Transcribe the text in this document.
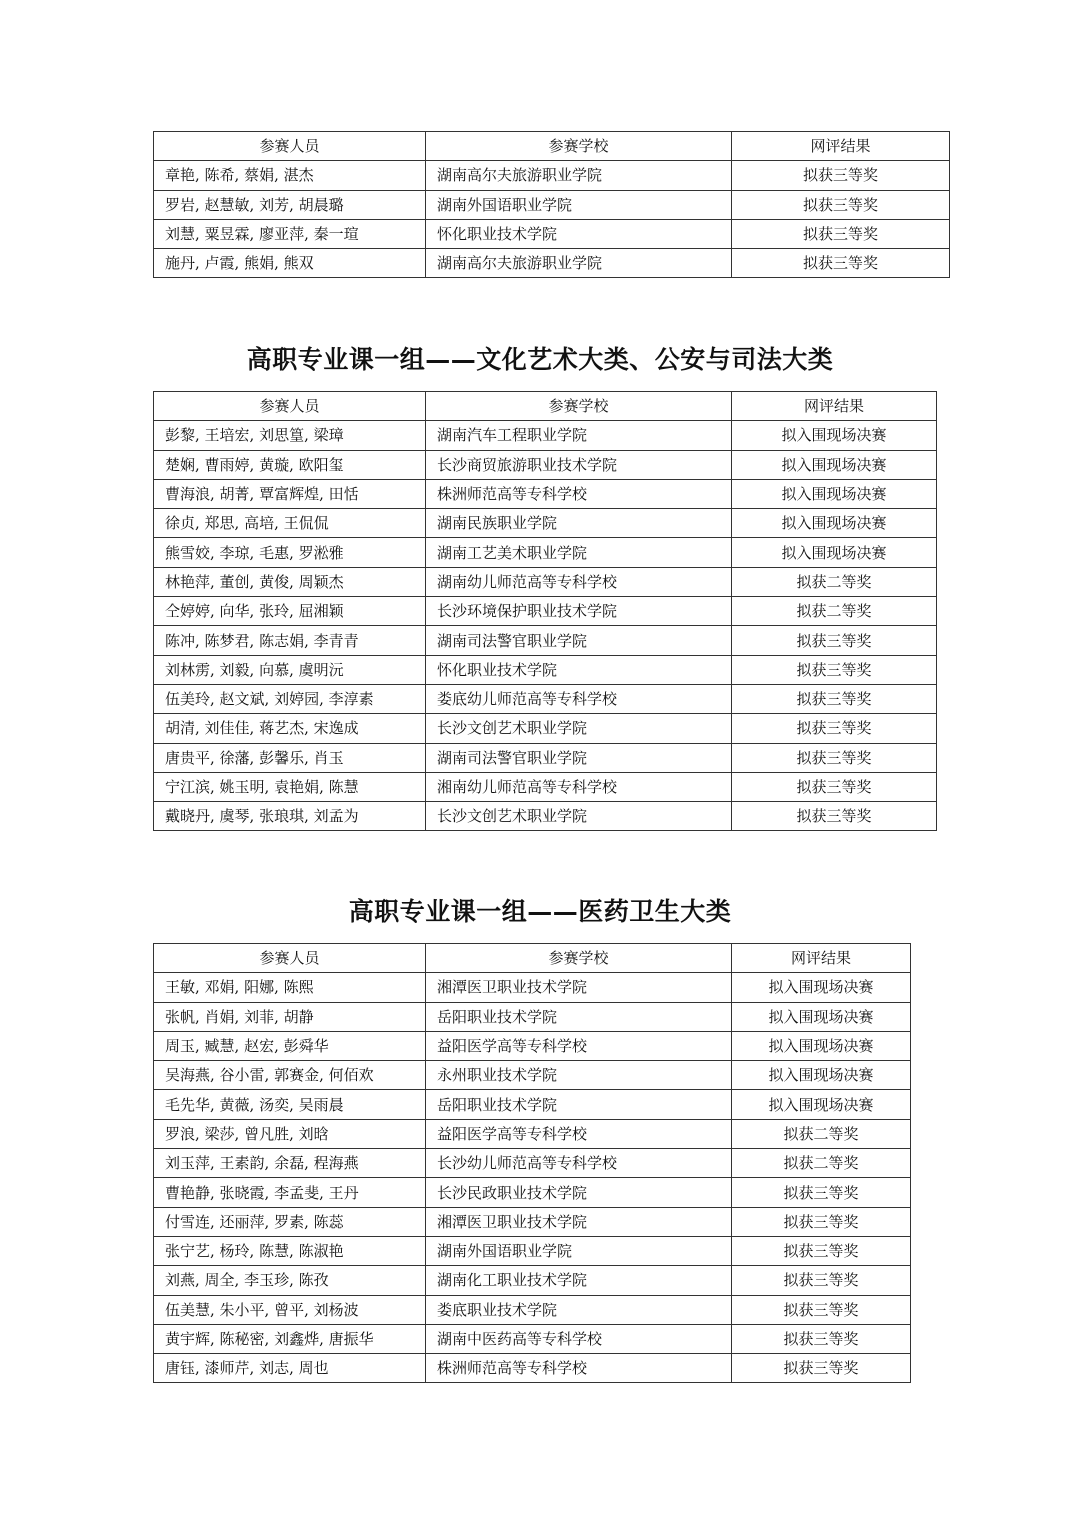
参赛人员	参赛学校	网评结果
章艳, 陈希, 蔡娟, 湛杰	湖南高尔夫旅游职业学院	拟获三等奖
罗岩, 赵慧敏, 刘芳, 胡晨璐	湖南外国语职业学院	拟获三等奖
刘慧, 粟昱霖, 廖亚萍, 秦一瑄	怀化职业技术学院	拟获三等奖
施丹, 卢霞, 熊娟, 熊双	湖南高尔夫旅游职业学院	拟获三等奖
高职专业课一组——文化艺术大类、公安与司法大类
参赛人员	参赛学校	网评结果
彭黎, 王培宏, 刘思篁, 梁璋	湖南汽车工程职业学院	拟入围现场决赛
楚娴, 曹雨婷, 黄璇, 欧阳玺	长沙商贸旅游职业技术学院	拟入围现场决赛
曹海浪, 胡菁, 覃富辉煌, 田恬	株洲师范高等专科学校	拟入围现场决赛
徐贞, 郑思, 高培, 王侃侃	湖南民族职业学院	拟入围现场决赛
熊雪姣, 李琼, 毛惠, 罗淞雅	湖南工艺美术职业学院	拟入围现场决赛
林艳萍, 董创, 黄俊, 周颖杰	湖南幼儿师范高等专科学校	拟获二等奖
仝婷婷, 向华, 张玲, 屈湘颖	长沙环境保护职业技术学院	拟获二等奖
陈冲, 陈梦君, 陈志娟, 李青青	湖南司法警官职业学院	拟获三等奖
刘林雳, 刘毅, 向慕, 虞明沅	怀化职业技术学院	拟获三等奖
伍美玲, 赵文斌, 刘婷园, 李淳素	娄底幼儿师范高等专科学校	拟获三等奖
胡清, 刘佳佳, 蒋艺杰, 宋逸成	长沙文创艺术职业学院	拟获三等奖
唐贵平, 徐藩, 彭馨乐, 肖玉	湖南司法警官职业学院	拟获三等奖
宁江滨, 姚玉明, 袁艳娟, 陈慧	湘南幼儿师范高等专科学校	拟获三等奖
戴晓丹, 虞琴, 张琅琪, 刘孟为	长沙文创艺术职业学院	拟获三等奖
高职专业课一组——医药卫生大类
参赛人员	参赛学校	网评结果
王敏, 邓娟, 阳娜, 陈熙	湘潭医卫职业技术学院	拟入围现场决赛
张帆, 肖娟, 刘菲, 胡静	岳阳职业技术学院	拟入围现场决赛
周玉, 臧慧, 赵宏, 彭舜华	益阳医学高等专科学校	拟入围现场决赛
吴海燕, 谷小雷, 郭赛金, 何佰欢	永州职业技术学院	拟入围现场决赛
毛先华, 黄薇, 汤奕, 吴雨晨	岳阳职业技术学院	拟入围现场决赛
罗浪, 梁莎, 曾凡胜, 刘晗	益阳医学高等专科学校	拟获二等奖
刘玉萍, 王素韵, 余磊, 程海燕	长沙幼儿师范高等专科学校	拟获二等奖
曹艳静, 张晓霞, 李孟斐, 王丹	长沙民政职业技术学院	拟获三等奖
付雪连, 还丽萍, 罗素, 陈蕊	湘潭医卫职业技术学院	拟获三等奖
张宁艺, 杨玲, 陈慧, 陈淑艳	湖南外国语职业学院	拟获三等奖
刘燕, 周全, 李玉珍, 陈孜	湖南化工职业技术学院	拟获三等奖
伍美慧, 朱小平, 曾平, 刘杨波	娄底职业技术学院	拟获三等奖
黄宇辉, 陈秘密, 刘鑫烨, 唐振华	湖南中医药高等专科学校	拟获三等奖
唐钰, 漆师芹, 刘志, 周也	株洲师范高等专科学校	拟获三等奖
